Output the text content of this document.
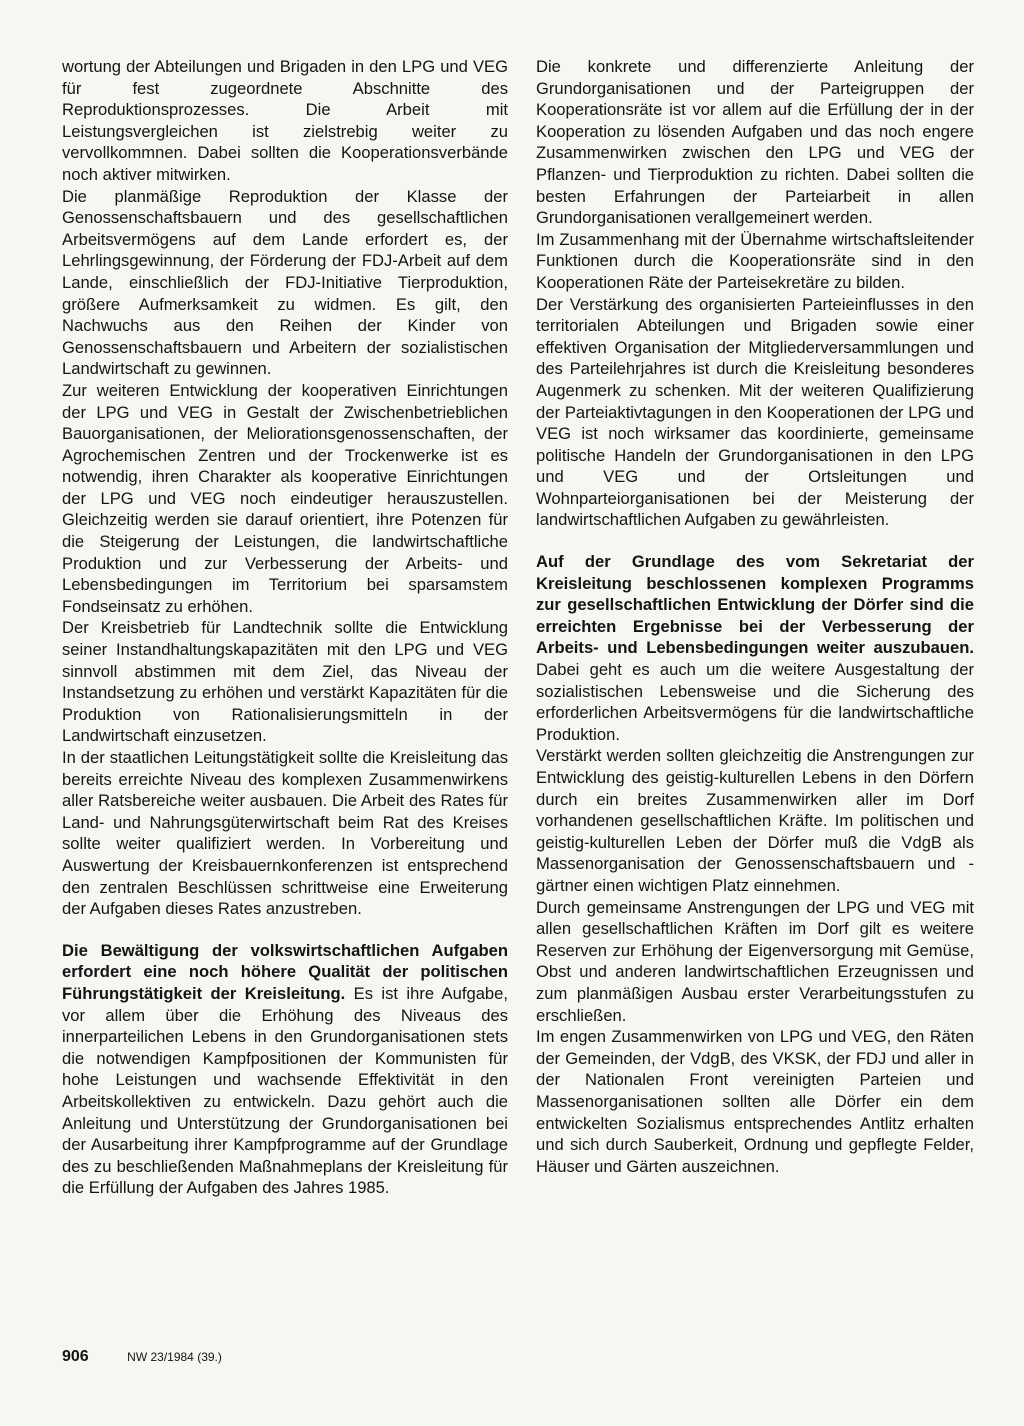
wortung der Abteilungen und Brigaden in den LPG und VEG für fest zugeordnete Abschnitte des Reproduktionsprozesses. Die Arbeit mit Leistungsvergleichen ist zielstrebig weiter zu vervollkommnen. Dabei sollten die Kooperationsverbände noch aktiver mitwirken.

Die planmäßige Reproduktion der Klasse der Genossenschaftsbauern und des gesellschaftlichen Arbeitsvermögens auf dem Lande erfordert es, der Lehrlingsgewinnung, der Förderung der FDJ-Arbeit auf dem Lande, einschließlich der FDJ-Initiative Tierproduktion, größere Aufmerksamkeit zu widmen. Es gilt, den Nachwuchs aus den Reihen der Kinder von Genossenschaftsbauern und Arbeitern der sozialistischen Landwirtschaft zu gewinnen.

Zur weiteren Entwicklung der kooperativen Einrichtungen der LPG und VEG in Gestalt der Zwischenbetrieblichen Bauorganisationen, der Meliorationsgenossenschaften, der Agrochemischen Zentren und der Trockenwerke ist es notwendig, ihren Charakter als kooperative Einrichtungen der LPG und VEG noch eindeutiger herauszustellen. Gleichzeitig werden sie darauf orientiert, ihre Potenzen für die Steigerung der Leistungen, die landwirtschaftliche Produktion und zur Verbesserung der Arbeits- und Lebensbedingungen im Territorium bei sparsamstem Fondseinsatz zu erhöhen.

Der Kreisbetrieb für Landtechnik sollte die Entwicklung seiner Instandhaltungskapazitäten mit den LPG und VEG sinnvoll abstimmen mit dem Ziel, das Niveau der Instandsetzung zu erhöhen und verstärkt Kapazitäten für die Produktion von Rationalisierungsmitteln in der Landwirtschaft einzusetzen.

In der staatlichen Leitungstätigkeit sollte die Kreisleitung das bereits erreichte Niveau des komplexen Zusammenwirkens aller Ratsbereiche weiter ausbauen. Die Arbeit des Rates für Land- und Nahrungsgüterwirtschaft beim Rat des Kreises sollte weiter qualifiziert werden. In Vorbereitung und Auswertung der Kreisbauernkonferenzen ist entsprechend den zentralen Beschlüssen schrittweise eine Erweiterung der Aufgaben dieses Rates anzustreben.

Die Bewältigung der volkswirtschaftlichen Aufgaben erfordert eine noch höhere Qualität der politischen Führungstätigkeit der Kreisleitung. Es ist ihre Aufgabe, vor allem über die Erhöhung des Niveaus des innerparteilichen Lebens in den Grundorganisationen stets die notwendigen Kampfpositionen der Kommunisten für hohe Leistungen und wachsende Effektivität in den Arbeitskollektiven zu entwickeln. Dazu gehört auch die Anleitung und Unterstützung der Grundorganisationen bei der Ausarbeitung ihrer Kampfprogramme auf der Grundlage des zu beschließenden Maßnahmeplans der Kreisleitung für die Erfüllung der Aufgaben des Jahres 1985.

Die konkrete und differenzierte Anleitung der Grundorganisationen und der Parteigruppen der Kooperationsräte ist vor allem auf die Erfüllung der in der Kooperation zu lösenden Aufgaben und das noch engere Zusammenwirken zwischen den LPG und VEG der Pflanzen- und Tierproduktion zu richten. Dabei sollten die besten Erfahrungen der Parteiarbeit in allen Grundorganisationen verallgemeinert werden.

Im Zusammenhang mit der Übernahme wirtschaftsleitender Funktionen durch die Kooperationsräte sind in den Kooperationen Räte der Parteisekretäre zu bilden.

Der Verstärkung des organisierten Parteieinflusses in den territorialen Abteilungen und Brigaden sowie einer effektiven Organisation der Mitgliederversammlungen und des Parteilehrjahres ist durch die Kreisleitung besonderes Augenmerk zu schenken. Mit der weiteren Qualifizierung der Parteiaktivtagungen in den Kooperationen der LPG und VEG ist noch wirksamer das koordinierte, gemeinsame politische Handeln der Grundorganisationen in den LPG und VEG und der Ortsleitungen und Wohnparteiorganisationen bei der Meisterung der landwirtschaftlichen Aufgaben zu gewährleisten.

Auf der Grundlage des vom Sekretariat der Kreisleitung beschlossenen komplexen Programms zur gesellschaftlichen Entwicklung der Dörfer sind die erreichten Ergebnisse bei der Verbesserung der Arbeits- und Lebensbedingungen weiter auszubauen. Dabei geht es auch um die weitere Ausgestaltung der sozialistischen Lebensweise und die Sicherung des erforderlichen Arbeitsvermögens für die landwirtschaftliche Produktion.

Verstärkt werden sollten gleichzeitig die Anstrengungen zur Entwicklung des geistig-kulturellen Lebens in den Dörfern durch ein breites Zusammenwirken aller im Dorf vorhandenen gesellschaftlichen Kräfte. Im politischen und geistig-kulturellen Leben der Dörfer muß die VdgB als Massenorganisation der Genossenschaftsbauern und -gärtner einen wichtigen Platz einnehmen.

Durch gemeinsame Anstrengungen der LPG und VEG mit allen gesellschaftlichen Kräften im Dorf gilt es weitere Reserven zur Erhöhung der Eigenversorgung mit Gemüse, Obst und anderen landwirtschaftlichen Erzeugnissen und zum planmäßigen Ausbau erster Verarbeitungsstufen zu erschließen.

Im engen Zusammenwirken von LPG und VEG, den Räten der Gemeinden, der VdgB, des VKSK, der FDJ und aller in der Nationalen Front vereinigten Parteien und Massenorganisationen sollten alle Dörfer ein dem entwickelten Sozialismus entsprechendes Antlitz erhalten und sich durch Sauberkeit, Ordnung und gepflegte Felder, Häuser und Gärten auszeichnen.

906	NW 23/1984 (39.)
